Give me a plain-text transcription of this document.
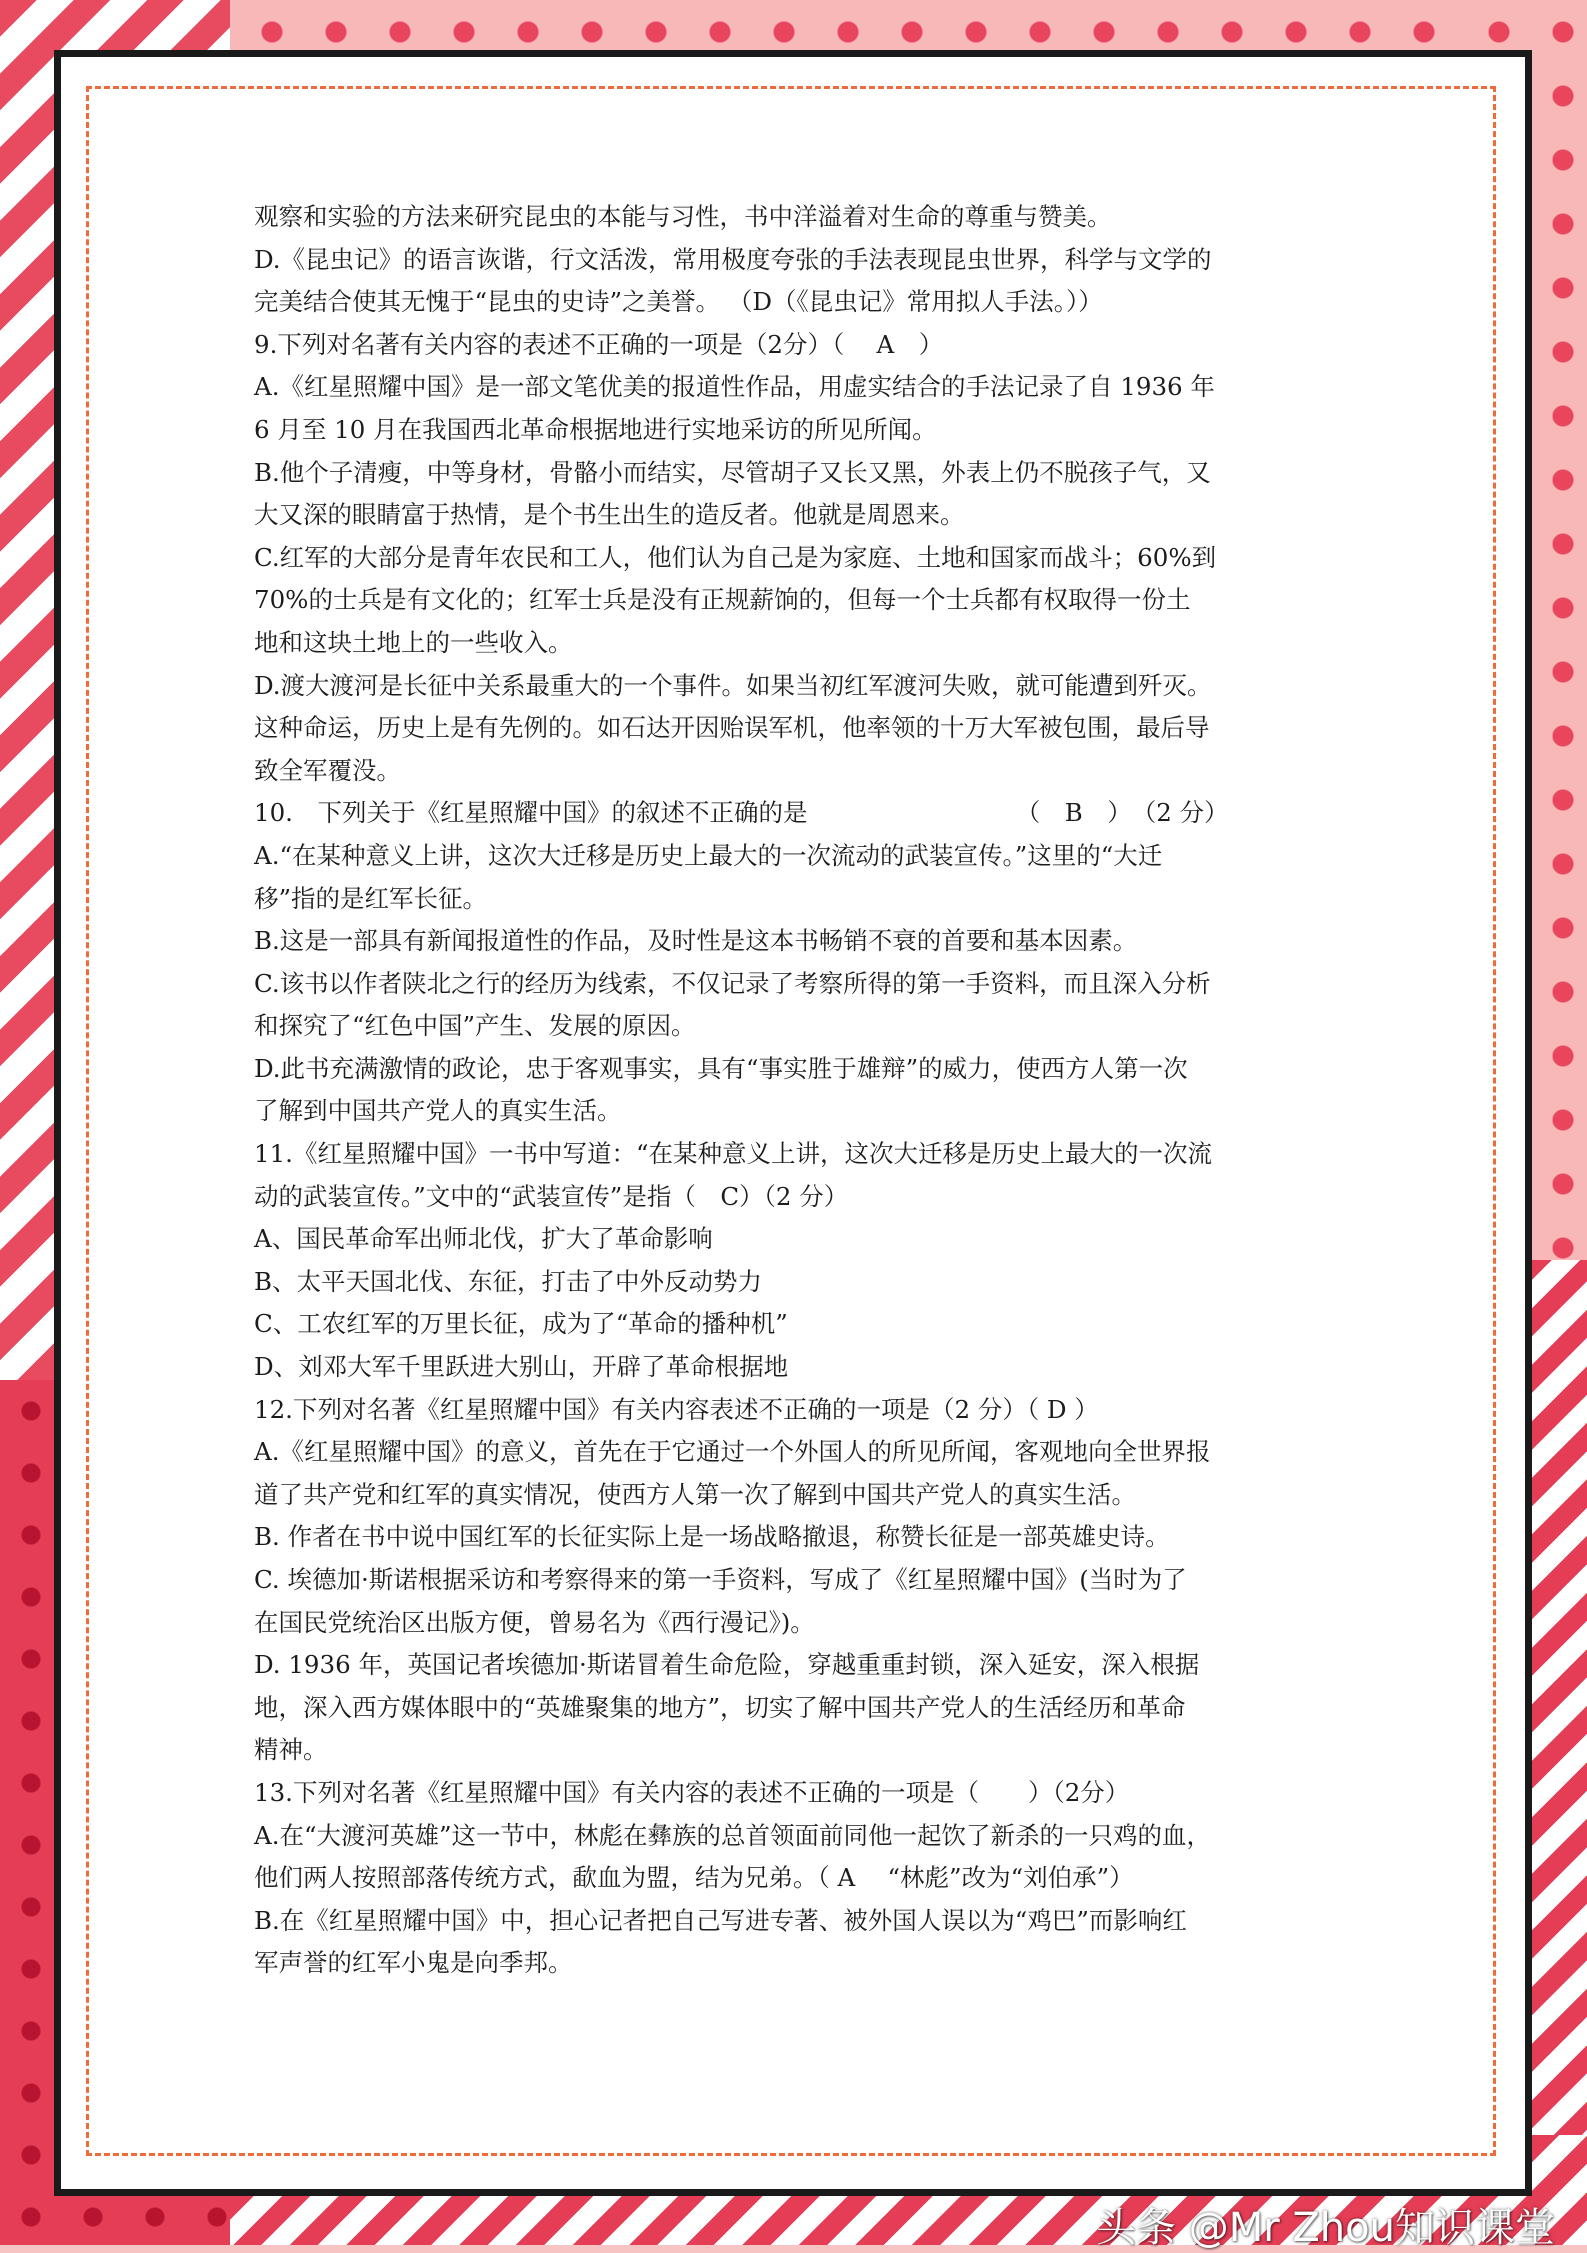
观察和实验的方法来研究昆虫的本能与习性，书中洋溢着对生命的尊重与赞美。

D.《昆虫记》的语言诙谐，行文活泼，常用极度夸张的手法表现昆虫世界，科学与文学的

完美结合使其无愧于“昆虫的史诗”之美誉。 （D（《昆虫记》常用拟人手法。））

9.下列对名著有关内容的表述不正确的一项是（2分）（　 A　）

A.《红星照耀中国》是一部文笔优美的报道性作品，用虚实结合的手法记录了自 1936 年

6 月至 10 月在我国西北革命根据地进行实地采访的所见所闻。

B.他个子清瘦，中等身材，骨骼小而结实，尽管胡子又长又黑，外表上仍不脱孩子气，又

大又深的眼睛富于热情，是个书生出生的造反者。他就是周恩来。

C.红军的大部分是青年农民和工人，他们认为自己是为家庭、土地和国家而战斗；60%到

70%的士兵是有文化的；红军士兵是没有正规薪饷的，但每一个士兵都有权取得一份土

地和这块土地上的一些收入。

D.渡大渡河是长征中关系最重大的一个事件。如果当初红军渡河失败，就可能遭到歼灭。

这种命运，历史上是有先例的。如石达开因贻误军机，他率领的十万大军被包围，最后导

致全军覆没。

10.　下列关于《红星照耀中国》的叙述不正确的是　　　　　　　　　（　B　）　（2 分）

A.“在某种意义上讲，这次大迁移是历史上最大的一次流动的武装宣传。”这里的“大迁

移”指的是红军长征。

B.这是一部具有新闻报道性的作品，及时性是这本书畅销不衰的首要和基本因素。

C.该书以作者陕北之行的经历为线索，不仅记录了考察所得的第一手资料，而且深入分析

和探究了“红色中国”产生、发展的原因。

D.此书充满激情的政论，忠于客观事实，具有“事实胜于雄辩”的威力，使西方人第一次

了解到中国共产党人的真实生活。

11.《红星照耀中国》一书中写道：“在某种意义上讲，这次大迁移是历史上最大的一次流

动的武装宣传。”文中的“武装宣传”是指（　C）（2 分）

A、国民革命军出师北伐，扩大了革命影响

B、太平天国北伐、东征，打击了中外反动势力

C、工农红军的万里长征，成为了“革命的播种机”

D、刘邓大军千里跃进大别山，开辟了革命根据地

12.下列对名著《红星照耀中国》有关内容表述不正确的一项是（2 分）（ D ）

A.《红星照耀中国》的意义，首先在于它通过一个外国人的所见所闻，客观地向全世界报

道了共产党和红军的真实情况，使西方人第一次了解到中国共产党人的真实生活。

B. 作者在书中说中国红军的长征实际上是一场战略撤退，称赞长征是一部英雄史诗。

C. 埃德加·斯诺根据采访和考察得来的第一手资料，写成了《红星照耀中国》(当时为了

在国民党统治区出版方便，曾易名为《西行漫记》)。

D. 1936 年，英国记者埃德加·斯诺冒着生命危险，穿越重重封锁，深入延安，深入根据

地，深入西方媒体眼中的“英雄聚集的地方”，切实了解中国共产党人的生活经历和革命

精神。

13.下列对名著《红星照耀中国》有关内容的表述不正确的一项是（　　）（2分）

A.在“大渡河英雄”这一节中，林彪在彝族的总首领面前同他一起饮了新杀的一只鸡的血，

他们两人按照部落传统方式，歃血为盟，结为兄弟。（ A 　“林彪”改为“刘伯承”）

B.在《红星照耀中国》中，担心记者把自己写进专著、被外国人误以为“鸡巴”而影响红

军声誉的红军小鬼是向季邦。

头条 @Mr Zhou知识课堂
